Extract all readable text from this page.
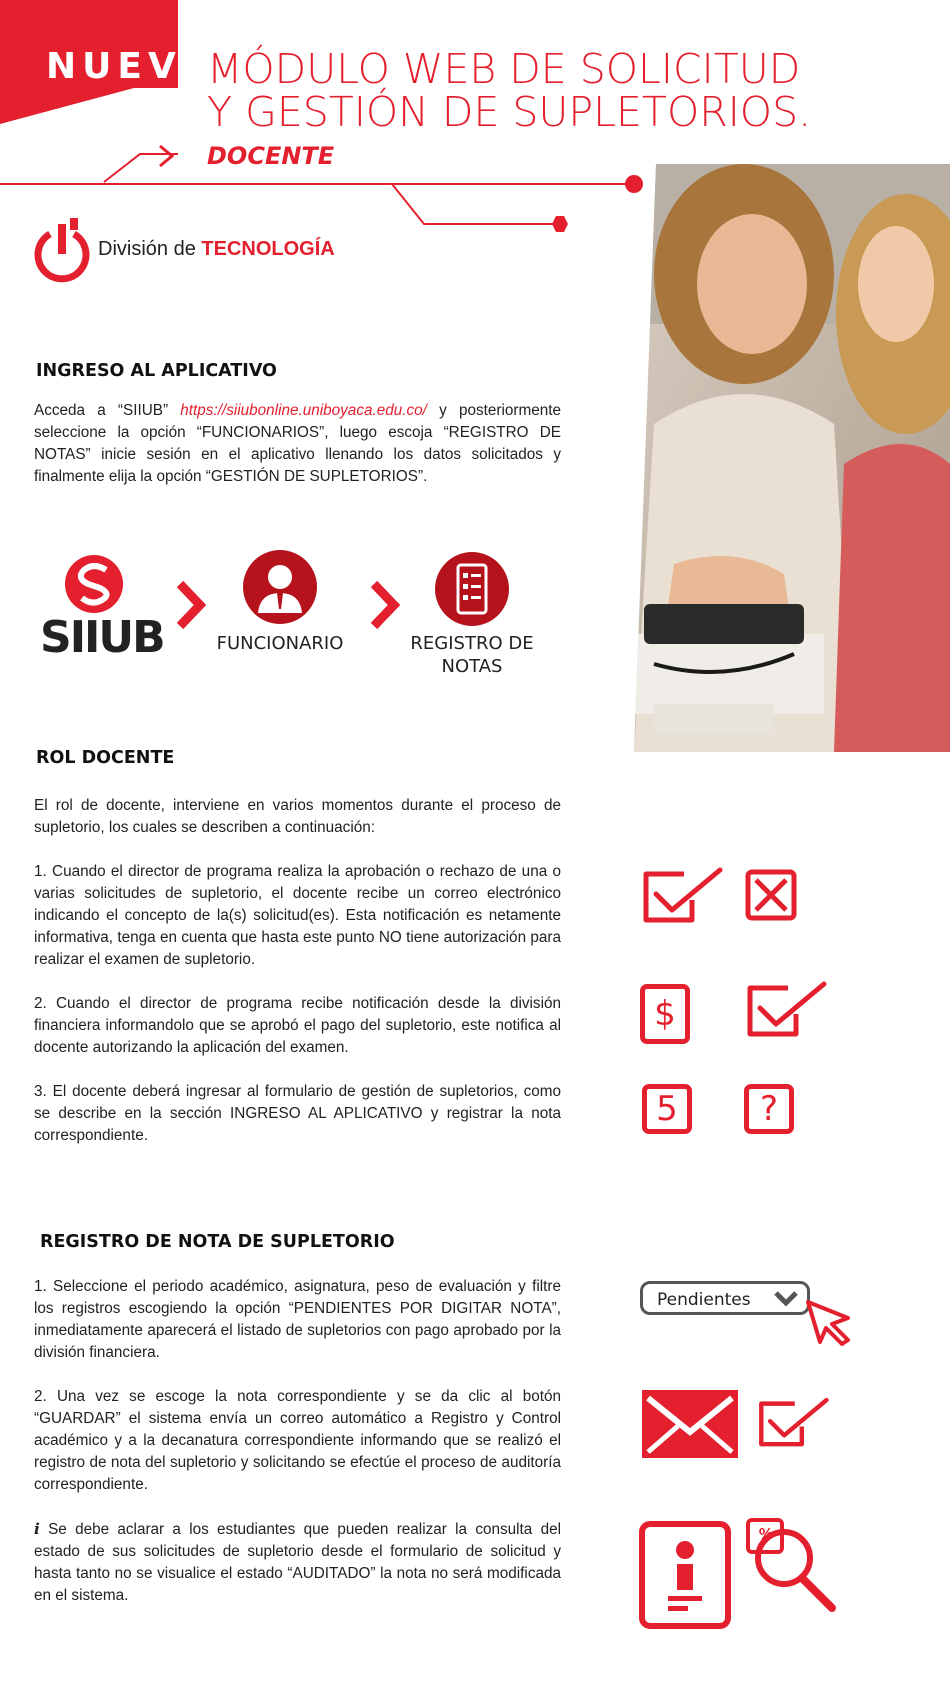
NUEVO
MÓDULO WEB DE SOLICITUD
Y GESTIÓN DE SUPLETORIOS.
DOCENTE
División de TECNOLOGÍA
INGRESO AL APLICATIVO
Acceda a “SIIUB” https://siiubonline.uniboyaca.edu.co/ y posteriormente seleccione la opción “FUNCIONARIOS”, luego escoja “REGISTRO DE NOTAS” inicie sesión en el aplicativo llenando los datos solicitados y finalmente elija la opción “GESTIÓN DE SUPLETORIOS”.
SIIUB	FUNCIONARIO	REGISTRO DE
NOTAS
ROL DOCENTE

El rol de docente, interviene en varios momentos durante el proceso de supletorio, los cuales se describen a continuación:

1. Cuando el director de programa realiza la aprobación o rechazo de una o varias solicitudes de supletorio, el docente recibe un correo electrónico indicando el concepto de la(s) solicitud(es). Esta notificación es netamente informativa, tenga en cuenta que hasta este punto NO tiene autorización para realizar el examen de supletorio.

2. Cuando el director de programa recibe notificación desde la división financiera informandolo que se aprobó el pago del supletorio, este notifica al docente autorizando la aplicación del examen.

3. El docente deberá ingresar al formulario de gestión de supletorios, como se describe en la sección INGRESO AL APLICATIVO y registrar la nota correspondiente.

$
5	?
REGISTRO DE NOTA DE SUPLETORIO

1. Seleccione el periodo académico, asignatura, peso de evaluación y filtre los registros escogiendo la opción “PENDIENTES POR DIGITAR NOTA”, inmediatamente aparecerá el listado de supletorios con pago aprobado por la división financiera.

2. Una vez se escoge la nota correspondiente y se da clic al botón “GUARDAR” el sistema envía un correo automático a Registro y Control académico y a la decanatura correspondiente informando que se realizó el registro de nota del supletorio y solicitando se efectúe el proceso de auditoría correspondiente.

i Se debe aclarar a los estudiantes que pueden realizar la consulta del estado de sus solicitudes de supletorio desde el formulario de solicitud y hasta tanto no se visualice el estado “AUDITADO” la nota no será modificada en el sistema.

Pendientes
%
